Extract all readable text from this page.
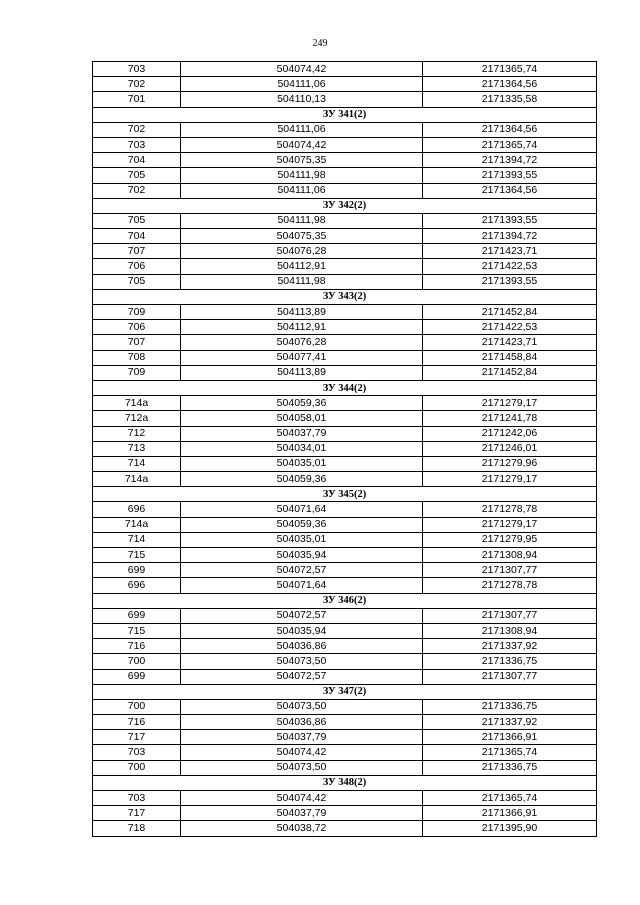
249
703	504074,42	2171365,74
702	504111,06	2171364,56
701	504110,13	2171335,58
ЗУ 341(2)		
702	504111,06	2171364,56
703	504074,42	2171365,74
704	504075,35	2171394,72
705	504111,98	2171393,55
702	504111,06	2171364,56
ЗУ 342(2)		
705	504111,98	2171393,55
704	504075,35	2171394,72
707	504076,28	2171423,71
706	504112,91	2171422,53
705	504111,98	2171393,55
ЗУ 343(2)		
709	504113,89	2171452,84
706	504112,91	2171422,53
707	504076,28	2171423,71
708	504077,41	2171458,84
709	504113,89	2171452,84
ЗУ 344(2)		
714а	504059,36	2171279,17
712а	504058,01	2171241,78
712	504037,79	2171242,06
713	504034,01	2171246,01
714	504035,01	2171279,96
714а	504059,36	2171279,17
ЗУ 345(2)		
696	504071,64	2171278,78
714а	504059,36	2171279,17
714	504035,01	2171279,95
715	504035,94	2171308,94
699	504072,57	2171307,77
696	504071,64	2171278,78
ЗУ 346(2)		
699	504072,57	2171307,77
715	504035,94	2171308,94
716	504036,86	2171337,92
700	504073,50	2171336,75
699	504072,57	2171307,77
ЗУ 347(2)		
700	504073,50	2171336,75
716	504036,86	2171337,92
717	504037,79	2171366,91
703	504074,42	2171365,74
700	504073,50	2171336,75
ЗУ 348(2)		
703	504074,42	2171365,74
717	504037,79	2171366,91
718	504038,72	2171395,90
